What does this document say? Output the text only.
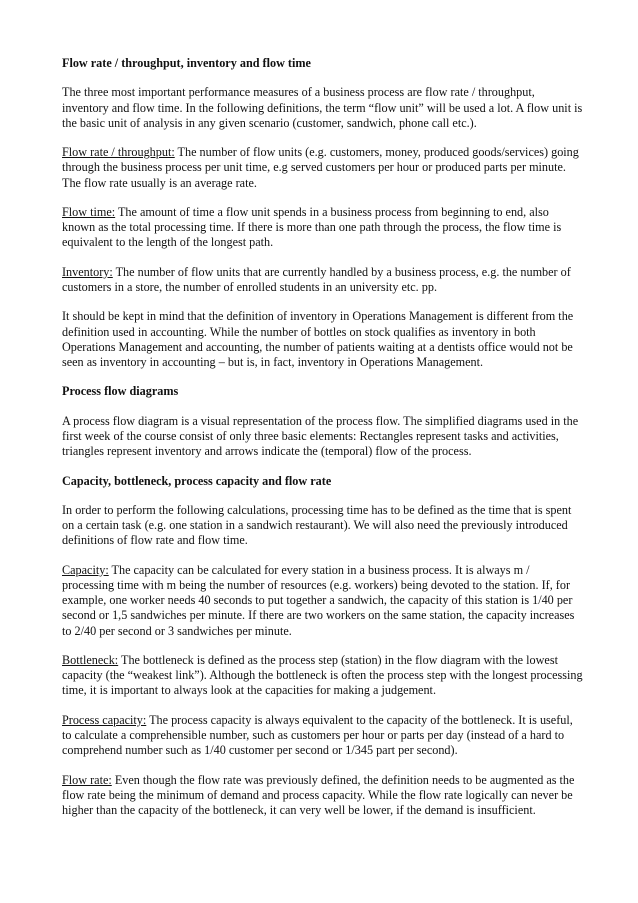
Flow rate / throughput, inventory and flow time

The three most important performance measures of a business process are flow rate / throughput, inventory and flow time. In the following definitions, the term “flow unit” will be used a lot. A flow unit is the basic unit of analysis in any given scenario (customer, sandwich, phone call etc.).

Flow rate / throughput: The number of flow units (e.g. customers, money, produced goods/services) going through the business process per unit time, e.g served customers per hour or produced parts per minute. The flow rate usually is an average rate.

Flow time: The amount of time a flow unit spends in a business process from beginning to end, also known as the total processing time. If there is more than one path through the process, the flow time is equivalent to the length of the longest path.

Inventory: The number of flow units that are currently handled by a business process, e.g. the number of customers in a store, the number of enrolled students in an university etc. pp.

It should be kept in mind that the definition of inventory in Operations Management is different from the definition used in accounting. While the number of bottles on stock qualifies as inventory in both Operations Management and accounting, the number of patients waiting at a dentists office would not be seen as inventory in accounting – but is, in fact, inventory in Operations Management.

Process flow diagrams

A process flow diagram is a visual representation of the process flow. The simplified diagrams used in the first week of the course consist of only three basic elements: Rectangles represent tasks and activities, triangles represent inventory and arrows indicate the (temporal) flow of the process.

Capacity, bottleneck, process capacity and flow rate

In order to perform the following calculations, processing time has to be defined as the time that is spent on a certain task (e.g. one station in a sandwich restaurant). We will also need the previously introduced definitions of flow rate and flow time.

Capacity: The capacity can be calculated for every station in a business process. It is always m / processing time with m being the number of resources (e.g. workers) being devoted to the station. If, for example, one worker needs 40 seconds to put together a sandwich, the capacity of this station is 1/40 per second or 1,5 sandwiches per minute. If there are two workers on the same station, the capacity increases to 2/40 per second or 3 sandwiches per minute.

Bottleneck: The bottleneck is defined as the process step (station) in the flow diagram with the lowest capacity (the “weakest link”). Although the bottleneck is often the process step with the longest processing time, it is important to always look at the capacities for making a judgement.

Process capacity: The process capacity is always equivalent to the capacity of the bottleneck. It is useful, to calculate a comprehensible number, such as customers per hour or parts per day (instead of a hard to comprehend number such as 1/40 customer per second or 1/345 part per second).

Flow rate: Even though the flow rate was previously defined, the definition needs to be augmented as the flow rate being the minimum of demand and process capacity. While the flow rate logically can never be higher than the capacity of the bottleneck, it can very well be lower, if the demand is insufficient.
